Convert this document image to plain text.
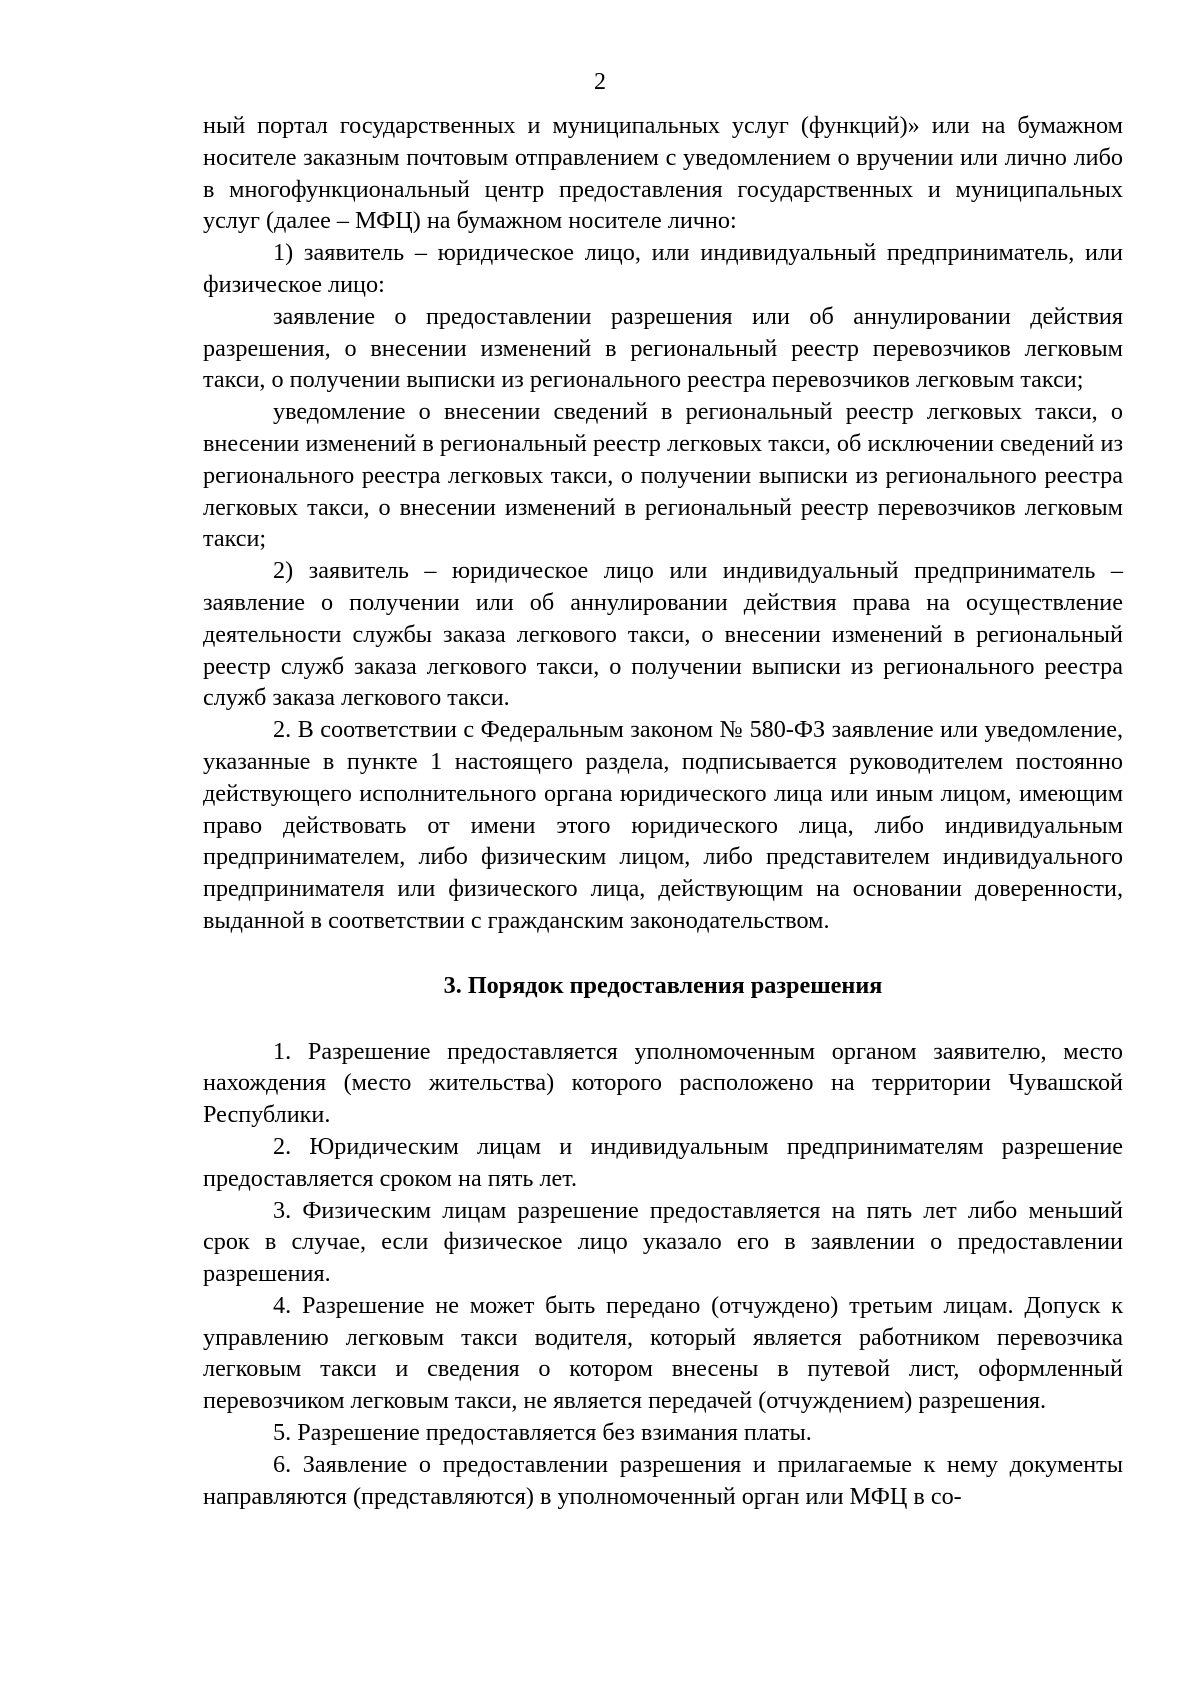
2

ный портал государственных и муниципальных услуг (функций)» или на бумажном носителе заказным почтовым отправлением с уведомлением о вручении или лично либо в многофункциональный центр предоставления государственных и муниципальных услуг (далее – МФЦ) на бумажном носителе лично:

1) заявитель – юридическое лицо, или индивидуальный предприниматель, или физическое лицо:

заявление о предоставлении разрешения или об аннулировании действия разрешения, о внесении изменений в региональный реестр перевозчиков легковым такси, о получении выписки из регионального реестра перевозчиков легковым такси;

уведомление о внесении сведений в региональный реестр легковых такси, о внесении изменений в региональный реестр легковых такси, об исключении сведений из регионального реестра легковых такси, о получении выписки из регионального реестра легковых такси, о внесении изменений в региональный реестр перевозчиков легковым такси;

2) заявитель – юридическое лицо или индивидуальный предприниматель – заявление о получении или об аннулировании действия права на осуществление деятельности службы заказа легкового такси, о внесении изменений в региональный реестр служб заказа легкового такси, о получении выписки из регионального реестра служб заказа легкового такси.

2. В соответствии с Федеральным законом № 580-ФЗ заявление или уведомление, указанные в пункте 1 настоящего раздела, подписывается руководителем постоянно действующего исполнительного органа юридического лица или иным лицом, имеющим право действовать от имени этого юридического лица, либо индивидуальным предпринимателем, либо физическим лицом, либо представителем индивидуального предпринимателя или физического лица, действующим на основании доверенности, выданной в соответствии с гражданским законодательством.

3. Порядок предоставления разрешения

1. Разрешение предоставляется уполномоченным органом заявителю, место нахождения (место жительства) которого расположено на территории Чувашской Республики.

2. Юридическим лицам и индивидуальным предпринимателям разрешение предоставляется сроком на пять лет.

3. Физическим лицам разрешение предоставляется на пять лет либо меньший срок в случае, если физическое лицо указало его в заявлении о предоставлении разрешения.

4. Разрешение не может быть передано (отчуждено) третьим лицам. Допуск к управлению легковым такси водителя, который является работником перевозчика легковым такси и сведения о котором внесены в путевой лист, оформленный перевозчиком легковым такси, не является передачей (отчуждением) разрешения.

5. Разрешение предоставляется без взимания платы.

6. Заявление о предоставлении разрешения и прилагаемые к нему документы направляются (представляются) в уполномоченный орган или МФЦ в со-
